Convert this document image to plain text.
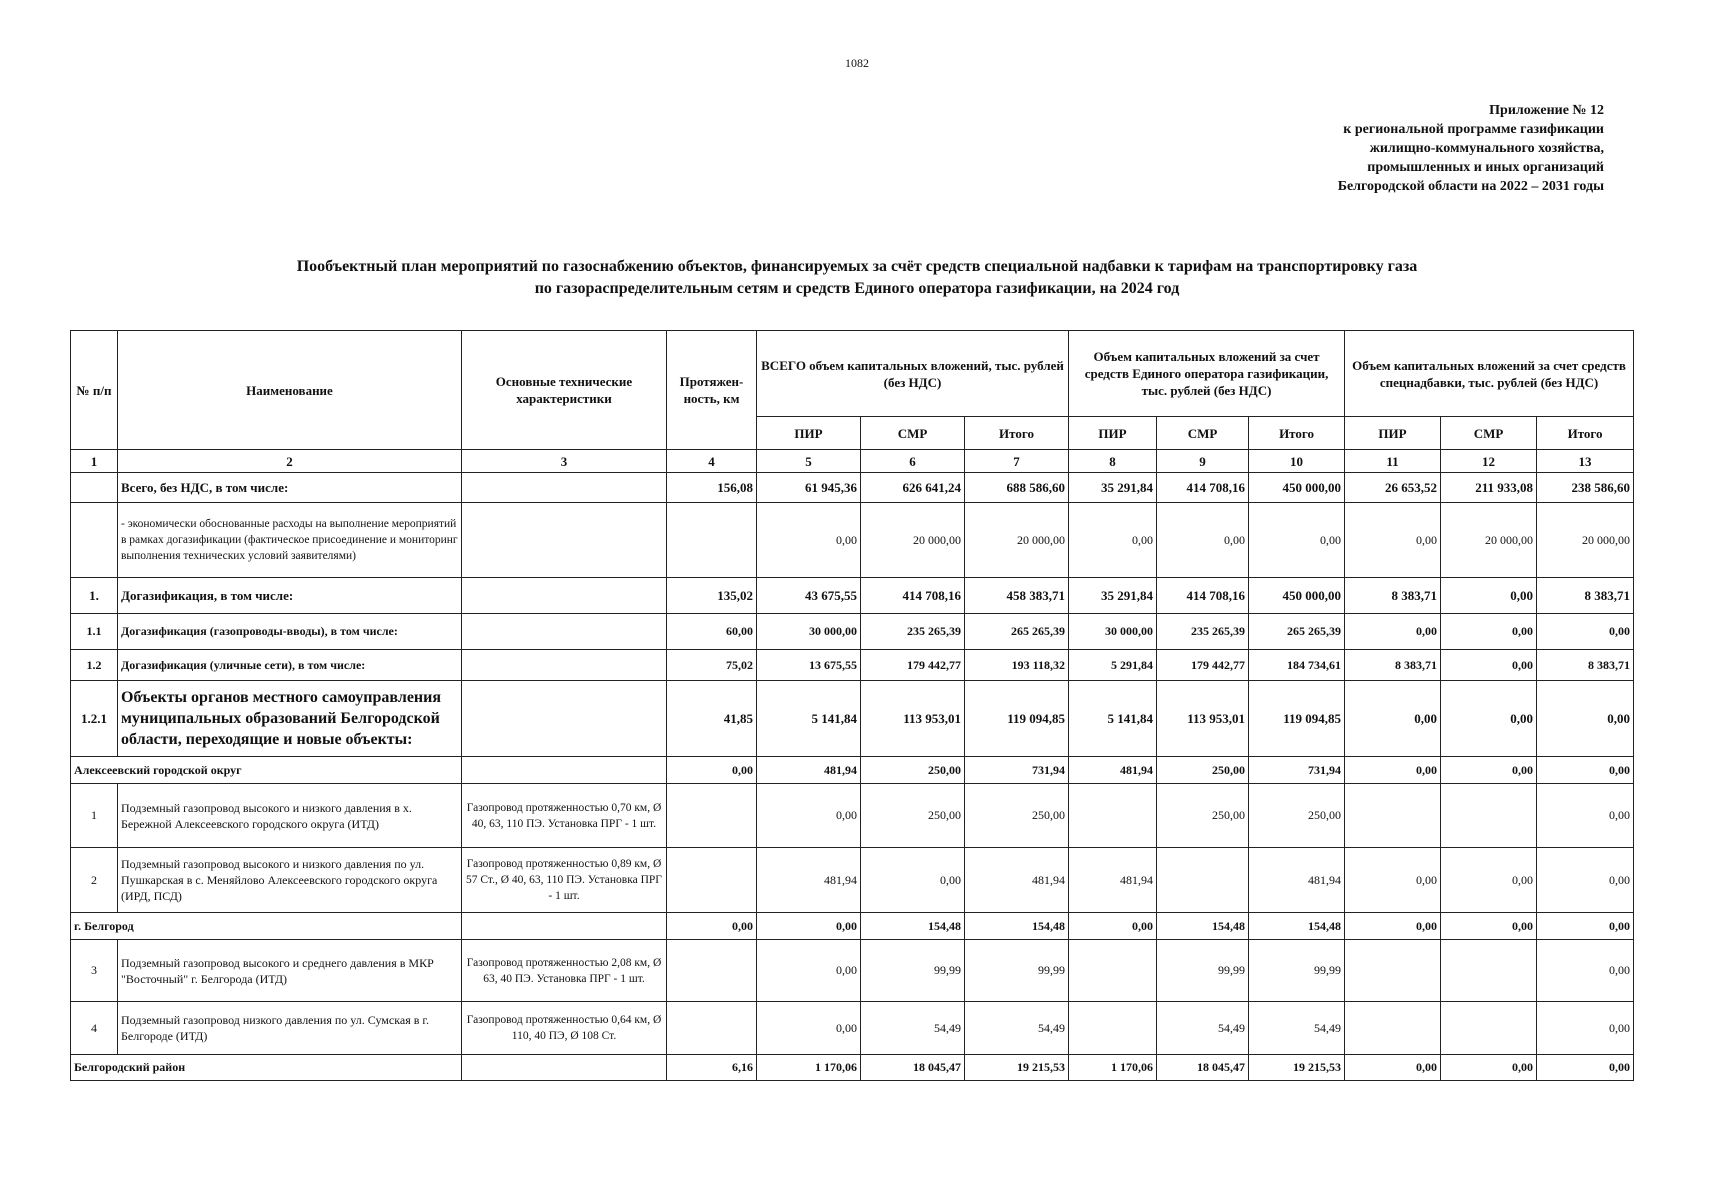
1082
Приложение № 12
к региональной программе газификации
жилищно-коммунального хозяйства,
промышленных и иных организаций
Белгородской области на 2022 – 2031 годы
Пообъектный план мероприятий по газоснабжению объектов, финансируемых за счёт средств специальной надбавки к тарифам на транспортировку газа
по газораспределительным сетям и средств Единого оператора газификации, на 2024 год
№ п/п	Наименование	Основные технические характеристики	Протяжен-ность, км	ВСЕГО объем капитальных вложений, тыс. рублей (без НДС)			Объем капитальных вложений за счет средств Единого оператора газификации, тыс. рублей (без НДС)			Объем капитальных вложений за счет средств спецнадбавки, тыс. рублей (без НДС)		
				ПИР	СМР	Итого	ПИР	СМР	Итого	ПИР	СМР	Итого
1	2	3	4	5	6	7	8	9	10	11	12	13
	Всего, без НДС, в том числе:		156,08	61 945,36	626 641,24	688 586,60	35 291,84	414 708,16	450 000,00	26 653,52	211 933,08	238 586,60
	- экономически обоснованные расходы на выполнение мероприятий в рамках догазификации (фактическое присоединение и мониторинг выполнения технических условий заявителями)			0,00	20 000,00	20 000,00	0,00	0,00	0,00	0,00	20 000,00	20 000,00
1.	Догазификация, в том числе:		135,02	43 675,55	414 708,16	458 383,71	35 291,84	414 708,16	450 000,00	8 383,71	0,00	8 383,71
1.1	Догазификация (газопроводы-вводы), в том числе:		60,00	30 000,00	235 265,39	265 265,39	30 000,00	235 265,39	265 265,39	0,00	0,00	0,00
1.2	Догазификация (уличные сети), в том числе:		75,02	13 675,55	179 442,77	193 118,32	5 291,84	179 442,77	184 734,61	8 383,71	0,00	8 383,71
1.2.1	Объекты органов местного самоуправления муниципальных образований Белгородской области, переходящие и новые объекты:		41,85	5 141,84	113 953,01	119 094,85	5 141,84	113 953,01	119 094,85	0,00	0,00	0,00
Алексеевский городской округ			0,00	481,94	250,00	731,94	481,94	250,00	731,94	0,00	0,00	0,00
1	Подземный газопровод высокого и низкого давления в х. Бережной Алексеевского городского округа (ИТД)	Газопровод протяженностью 0,70 км, Ø 40, 63, 110 ПЭ. Установка ПРГ - 1 шт.		0,00	250,00	250,00		250,00	250,00			0,00
2	Подземный газопровод высокого и низкого давления по ул. Пушкарская в с. Меняйлово Алексеевского городского округа (ИРД, ПСД)	Газопровод протяженностью 0,89 км, Ø 57 Ст., Ø 40, 63, 110 ПЭ. Установка ПРГ - 1 шт.		481,94	0,00	481,94	481,94		481,94	0,00	0,00	0,00
г. Белгород			0,00	0,00	154,48	154,48	0,00	154,48	154,48	0,00	0,00	0,00
3	Подземный газопровод высокого и среднего давления в МКР "Восточный" г. Белгорода (ИТД)	Газопровод протяженностью 2,08 км, Ø 63, 40 ПЭ. Установка ПРГ - 1 шт.		0,00	99,99	99,99		99,99	99,99			0,00
4	Подземный газопровод низкого давления по ул. Сумская в г. Белгороде (ИТД)	Газопровод протяженностью 0,64 км, Ø 110, 40 ПЭ, Ø 108 Ст.		0,00	54,49	54,49		54,49	54,49			0,00
Белгородский район			6,16	1 170,06	18 045,47	19 215,53	1 170,06	18 045,47	19 215,53	0,00	0,00	0,00
